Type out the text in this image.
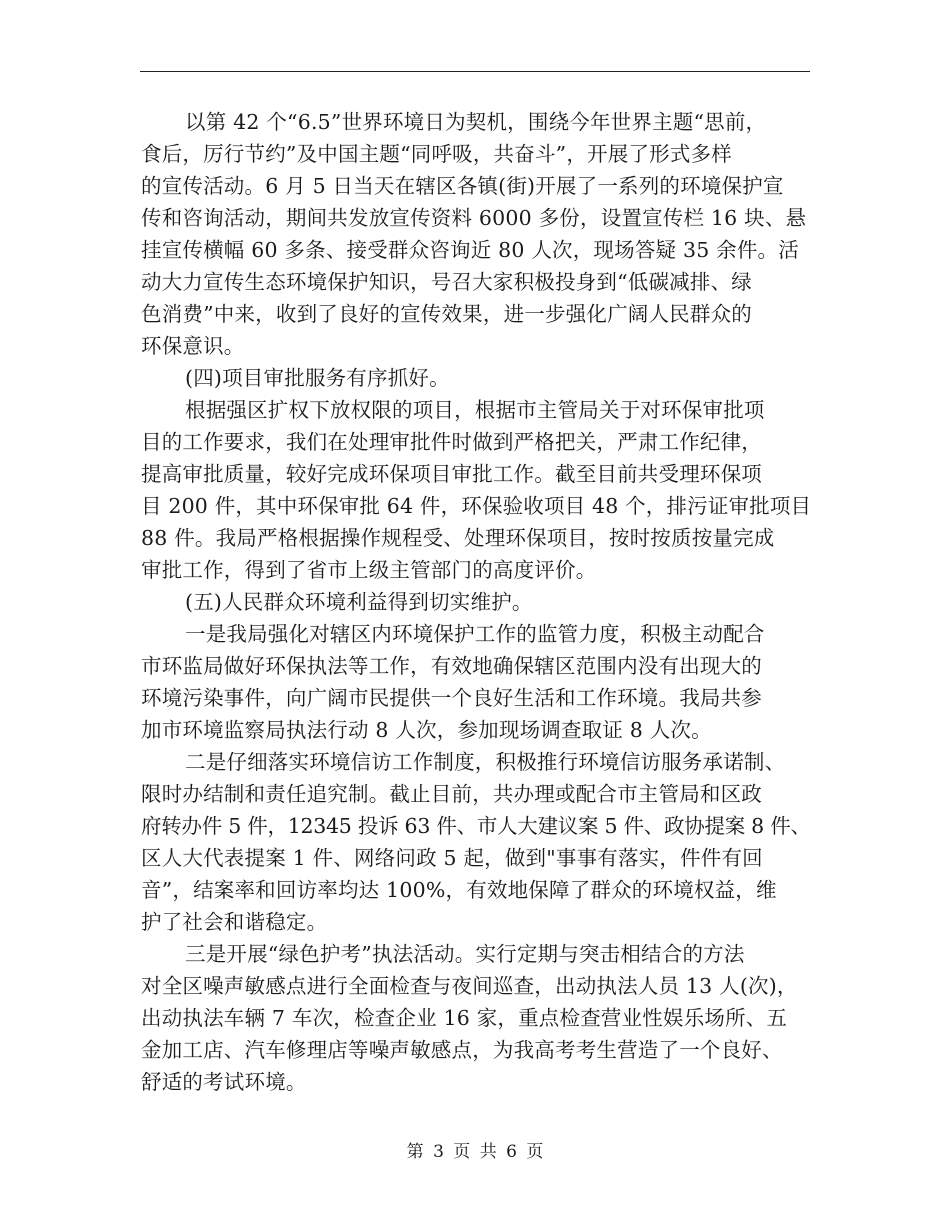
以第 42 个“6.5”世界环境日为契机，围绕今年世界主题“思前，
食后，厉行节约”及中国主题“同呼吸，共奋斗”，开展了形式多样
的宣传活动。6 月 5 日当天在辖区各镇(街)开展了一系列的环境保护宣
传和咨询活动，期间共发放宣传资料 6000 多份，设置宣传栏 16 块、悬
挂宣传横幅 60 多条、接受群众咨询近 80 人次，现场答疑 35 余件。活
动大力宣传生态环境保护知识，号召大家积极投身到“低碳减排、绿
色消费”中来，收到了良好的宣传效果，进一步强化广阔人民群众的
环保意识。
(四)项目审批服务有序抓好。
根据强区扩权下放权限的项目，根据市主管局关于对环保审批项
目的工作要求，我们在处理审批件时做到严格把关，严肃工作纪律，
提高审批质量，较好完成环保项目审批工作。截至目前共受理环保项
目 200 件，其中环保审批 64 件，环保验收项目 48 个，排污证审批项目
88 件。我局严格根据操作规程受、处理环保项目，按时按质按量完成
审批工作，得到了省市上级主管部门的高度评价。
(五)人民群众环境利益得到切实维护。
一是我局强化对辖区内环境保护工作的监管力度，积极主动配合
市环监局做好环保执法等工作，有效地确保辖区范围内没有出现大的
环境污染事件，向广阔市民提供一个良好生活和工作环境。我局共参
加市环境监察局执法行动 8 人次，参加现场调查取证 8 人次。
二是仔细落实环境信访工作制度，积极推行环境信访服务承诺制、
限时办结制和责任追究制。截止目前，共办理或配合市主管局和区政
府转办件 5 件，12345 投诉 63 件、市人大建议案 5 件、政协提案 8 件、
区人大代表提案 1 件、网络问政 5 起，做到"事事有落实，件件有回
音”，结案率和回访率均达 100%，有效地保障了群众的环境权益，维
护了社会和谐稳定。
三是开展“绿色护考”执法活动。实行定期与突击相结合的方法
对全区噪声敏感点进行全面检查与夜间巡查，出动执法人员 13 人(次)，
出动执法车辆 7 车次，检查企业 16 家，重点检查营业性娱乐场所、五
金加工店、汽车修理店等噪声敏感点，为我高考考生营造了一个良好、
舒适的考试环境。
第 3 页 共 6 页
